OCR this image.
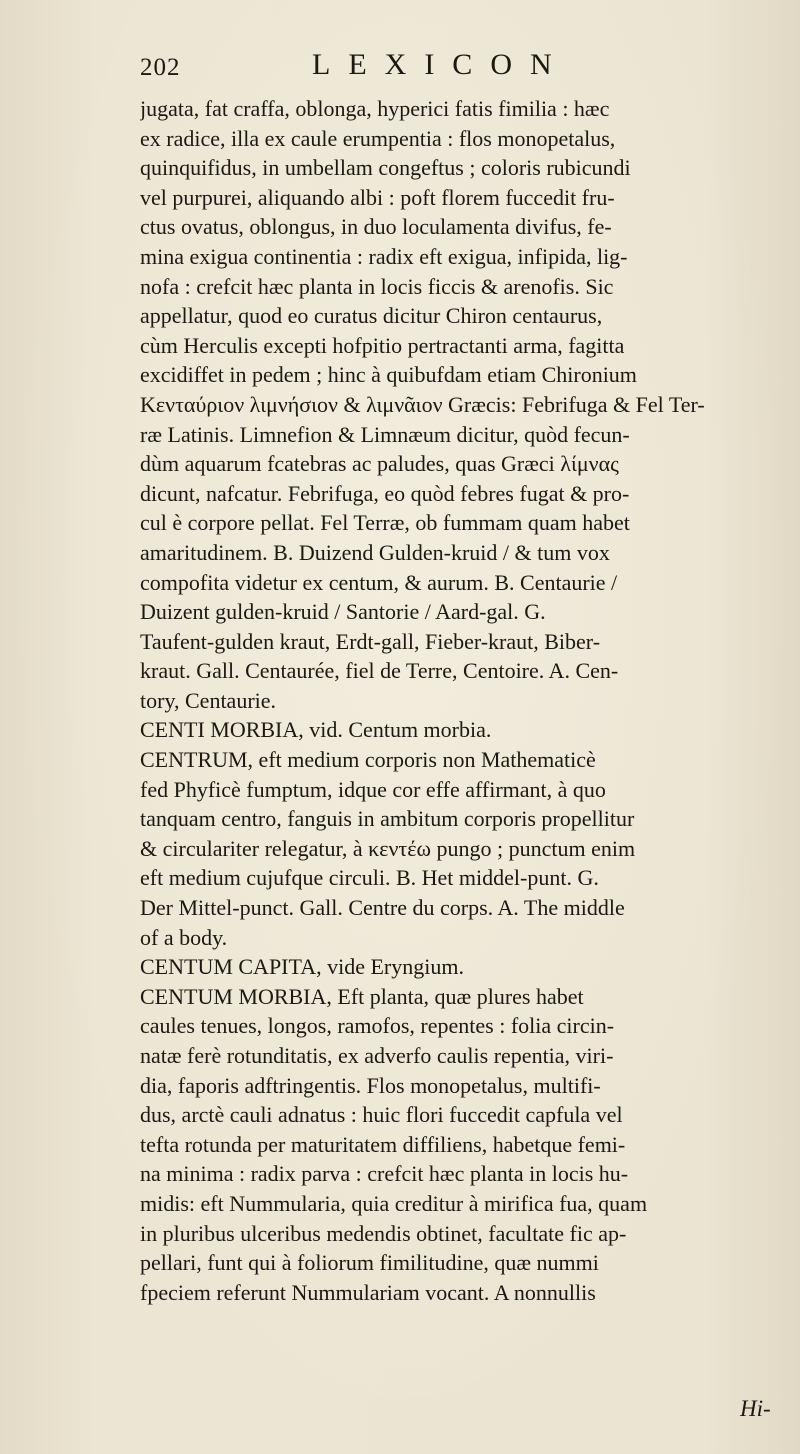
202	LEXICON
jugata, fat craffa, oblonga, hyperici fatis fimilia : hæc
ex radice, illa ex caule erumpentia : flos monopetalus,
quinquifidus, in umbellam congeftus ; coloris rubicundi
vel purpurei, aliquando albi : poft florem fuccedit fru-
ctus ovatus, oblongus, in duo loculamenta divifus, fe-
mina exigua continentia : radix eft exigua, infipida, lig-
nofa : crefcit hæc planta in locis ficcis & arenofis. Sic
appellatur, quod eo curatus dicitur Chiron centaurus,
cùm Herculis excepti hofpitio pertractanti arma, fagitta
excidiffet in pedem ; hinc à quibufdam etiam Chironium
Κενταύριον λιμνήσιον & λιμνᾶιον Græcis: Febrifuga & Fel Ter-
ræ Latinis. Limnefion & Limnæum dicitur, quòd fecun-
dùm aquarum fcatebras ac paludes, quas Græci λίμνας
dicunt, nafcatur. Febrifuga, eo quòd febres fugat & pro-
cul è corpore pellat. Fel Terræ, ob fummam quam habet
amaritudinem. B. Duizend Gulden-kruid / & tum vox
compofita videtur ex centum, & aurum. B. Centaurie /
Duizent gulden-kruid / Santorie / Aard-gal. G.
Taufent-gulden kraut, Erdt-gall, Fieber-kraut, Biber-
kraut. Gall. Centaurée, fiel de Terre, Centoire. A. Cen-
tory, Centaurie.
CENTI MORBIA, vid. Centum morbia.
CENTRUM, eft medium corporis non Mathematicè
fed Phyficè fumptum, idque cor effe affirmant, à quo
tanquam centro, fanguis in ambitum corporis propellitur
& circulariter relegatur, à κεντέω pungo ; punctum enim
eft medium cujufque circuli. B. Het middel-punt. G.
Der Mittel-punct. Gall. Centre du corps. A. The middle
of a body.
CENTUM CAPITA, vide Eryngium.
CENTUM MORBIA, Eft planta, quæ plures habet
caules tenues, longos, ramofos, repentes : folia circin-
natæ ferè rotunditatis, ex adverfo caulis repentia, viri-
dia, faporis adftringentis. Flos monopetalus, multifi-
dus, arctè cauli adnatus : huic flori fuccedit capfula vel
tefta rotunda per maturitatem diffiliens, habetque femi-
na minima : radix parva : crefcit hæc planta in locis hu-
midis: eft Nummularia, quia creditur à mirifica fua, quam
in pluribus ulceribus medendis obtinet, facultate fic ap-
pellari, funt qui à foliorum fimilitudine, quæ nummi
fpeciem referunt Nummulariam vocant. A nonnullis
Hi-
